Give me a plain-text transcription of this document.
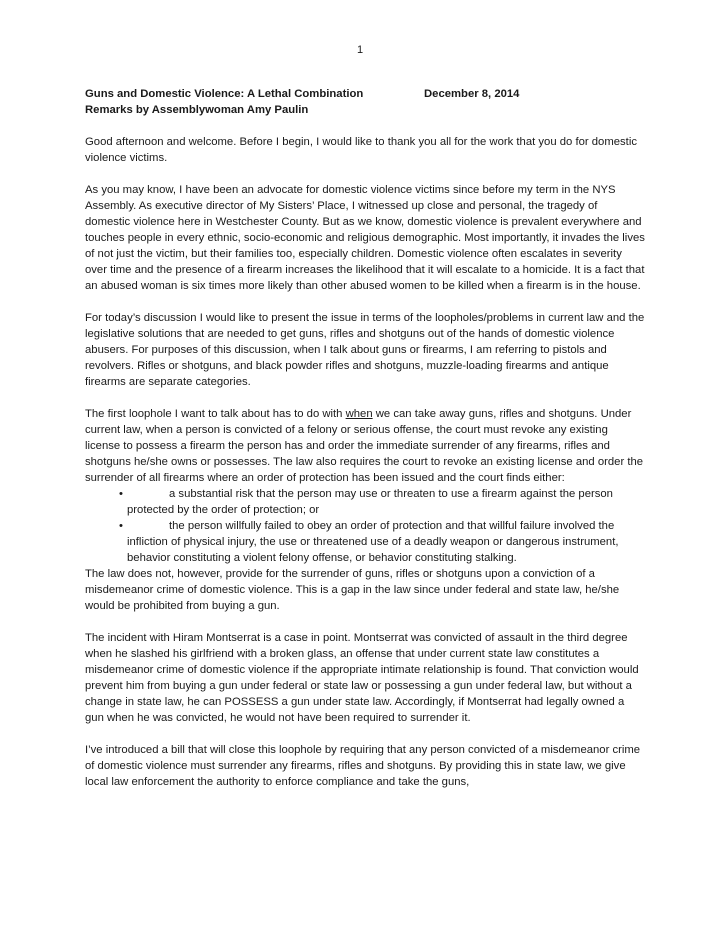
1
Guns and Domestic Violence: A Lethal Combination	December 8, 2014
Remarks by Assemblywoman Amy Paulin

Good afternoon and welcome. Before I begin, I would like to thank you all for the work that you do for domestic violence victims.

As you may know, I have been an advocate for domestic violence victims since before my term in the NYS Assembly. As executive director of My Sisters’ Place, I witnessed up close and personal, the tragedy of domestic violence here in Westchester County. But as we know, domestic violence is prevalent everywhere and touches people in every ethnic, socio-economic and religious demographic. Most importantly, it invades the lives of not just the victim, but their families too, especially children. Domestic violence often escalates in severity over time and the presence of a firearm increases the likelihood that it will escalate to a homicide. It is a fact that an abused woman is six times more likely than other abused women to be killed when a firearm is in the house.

For today’s discussion I would like to present the issue in terms of the loopholes/problems in current law and the legislative solutions that are needed to get guns, rifles and shotguns out of the hands of domestic violence abusers. For purposes of this discussion, when I talk about guns or firearms, I am referring to pistols and revolvers. Rifles or shotguns, and black powder rifles and shotguns, muzzle-loading firearms and antique firearms are separate categories.

The first loophole I want to talk about has to do with when we can take away guns, rifles and shotguns. Under current law, when a person is convicted of a felony or serious offense, the court must revoke any existing license to possess a firearm the person has and order the immediate surrender of any firearms, rifles and shotguns he/she owns or possesses. The law also requires the court to revoke an existing license and order the surrender of all firearms where an order of protection has been issued and the court finds either:

•	a substantial risk that the person may use or threaten to use a firearm against the person protected by the order of protection; or
•	the person willfully failed to obey an order of protection and that willful failure involved the infliction of physical injury, the use or threatened use of a deadly weapon or dangerous instrument, behavior constituting a violent felony offense, or behavior constituting stalking.

The law does not, however, provide for the surrender of guns, rifles or shotguns upon a conviction of a misdemeanor crime of domestic violence. This is a gap in the law since under federal and state law, he/she would be prohibited from buying a gun.

The incident with Hiram Montserrat is a case in point. Montserrat was convicted of assault in the third degree when he slashed his girlfriend with a broken glass, an offense that under current state law constitutes a misdemeanor crime of domestic violence if the appropriate intimate relationship is found. That conviction would prevent him from buying a gun under federal or state law or possessing a gun under federal law, but without a change in state law, he can POSSESS a gun under state law. Accordingly, if Montserrat had legally owned a gun when he was convicted, he would not have been required to surrender it.

I’ve introduced a bill that will close this loophole by requiring that any person convicted of a misdemeanor crime of domestic violence must surrender any firearms, rifles and shotguns. By providing this in state law, we give local law enforcement the authority to enforce compliance and take the guns,
